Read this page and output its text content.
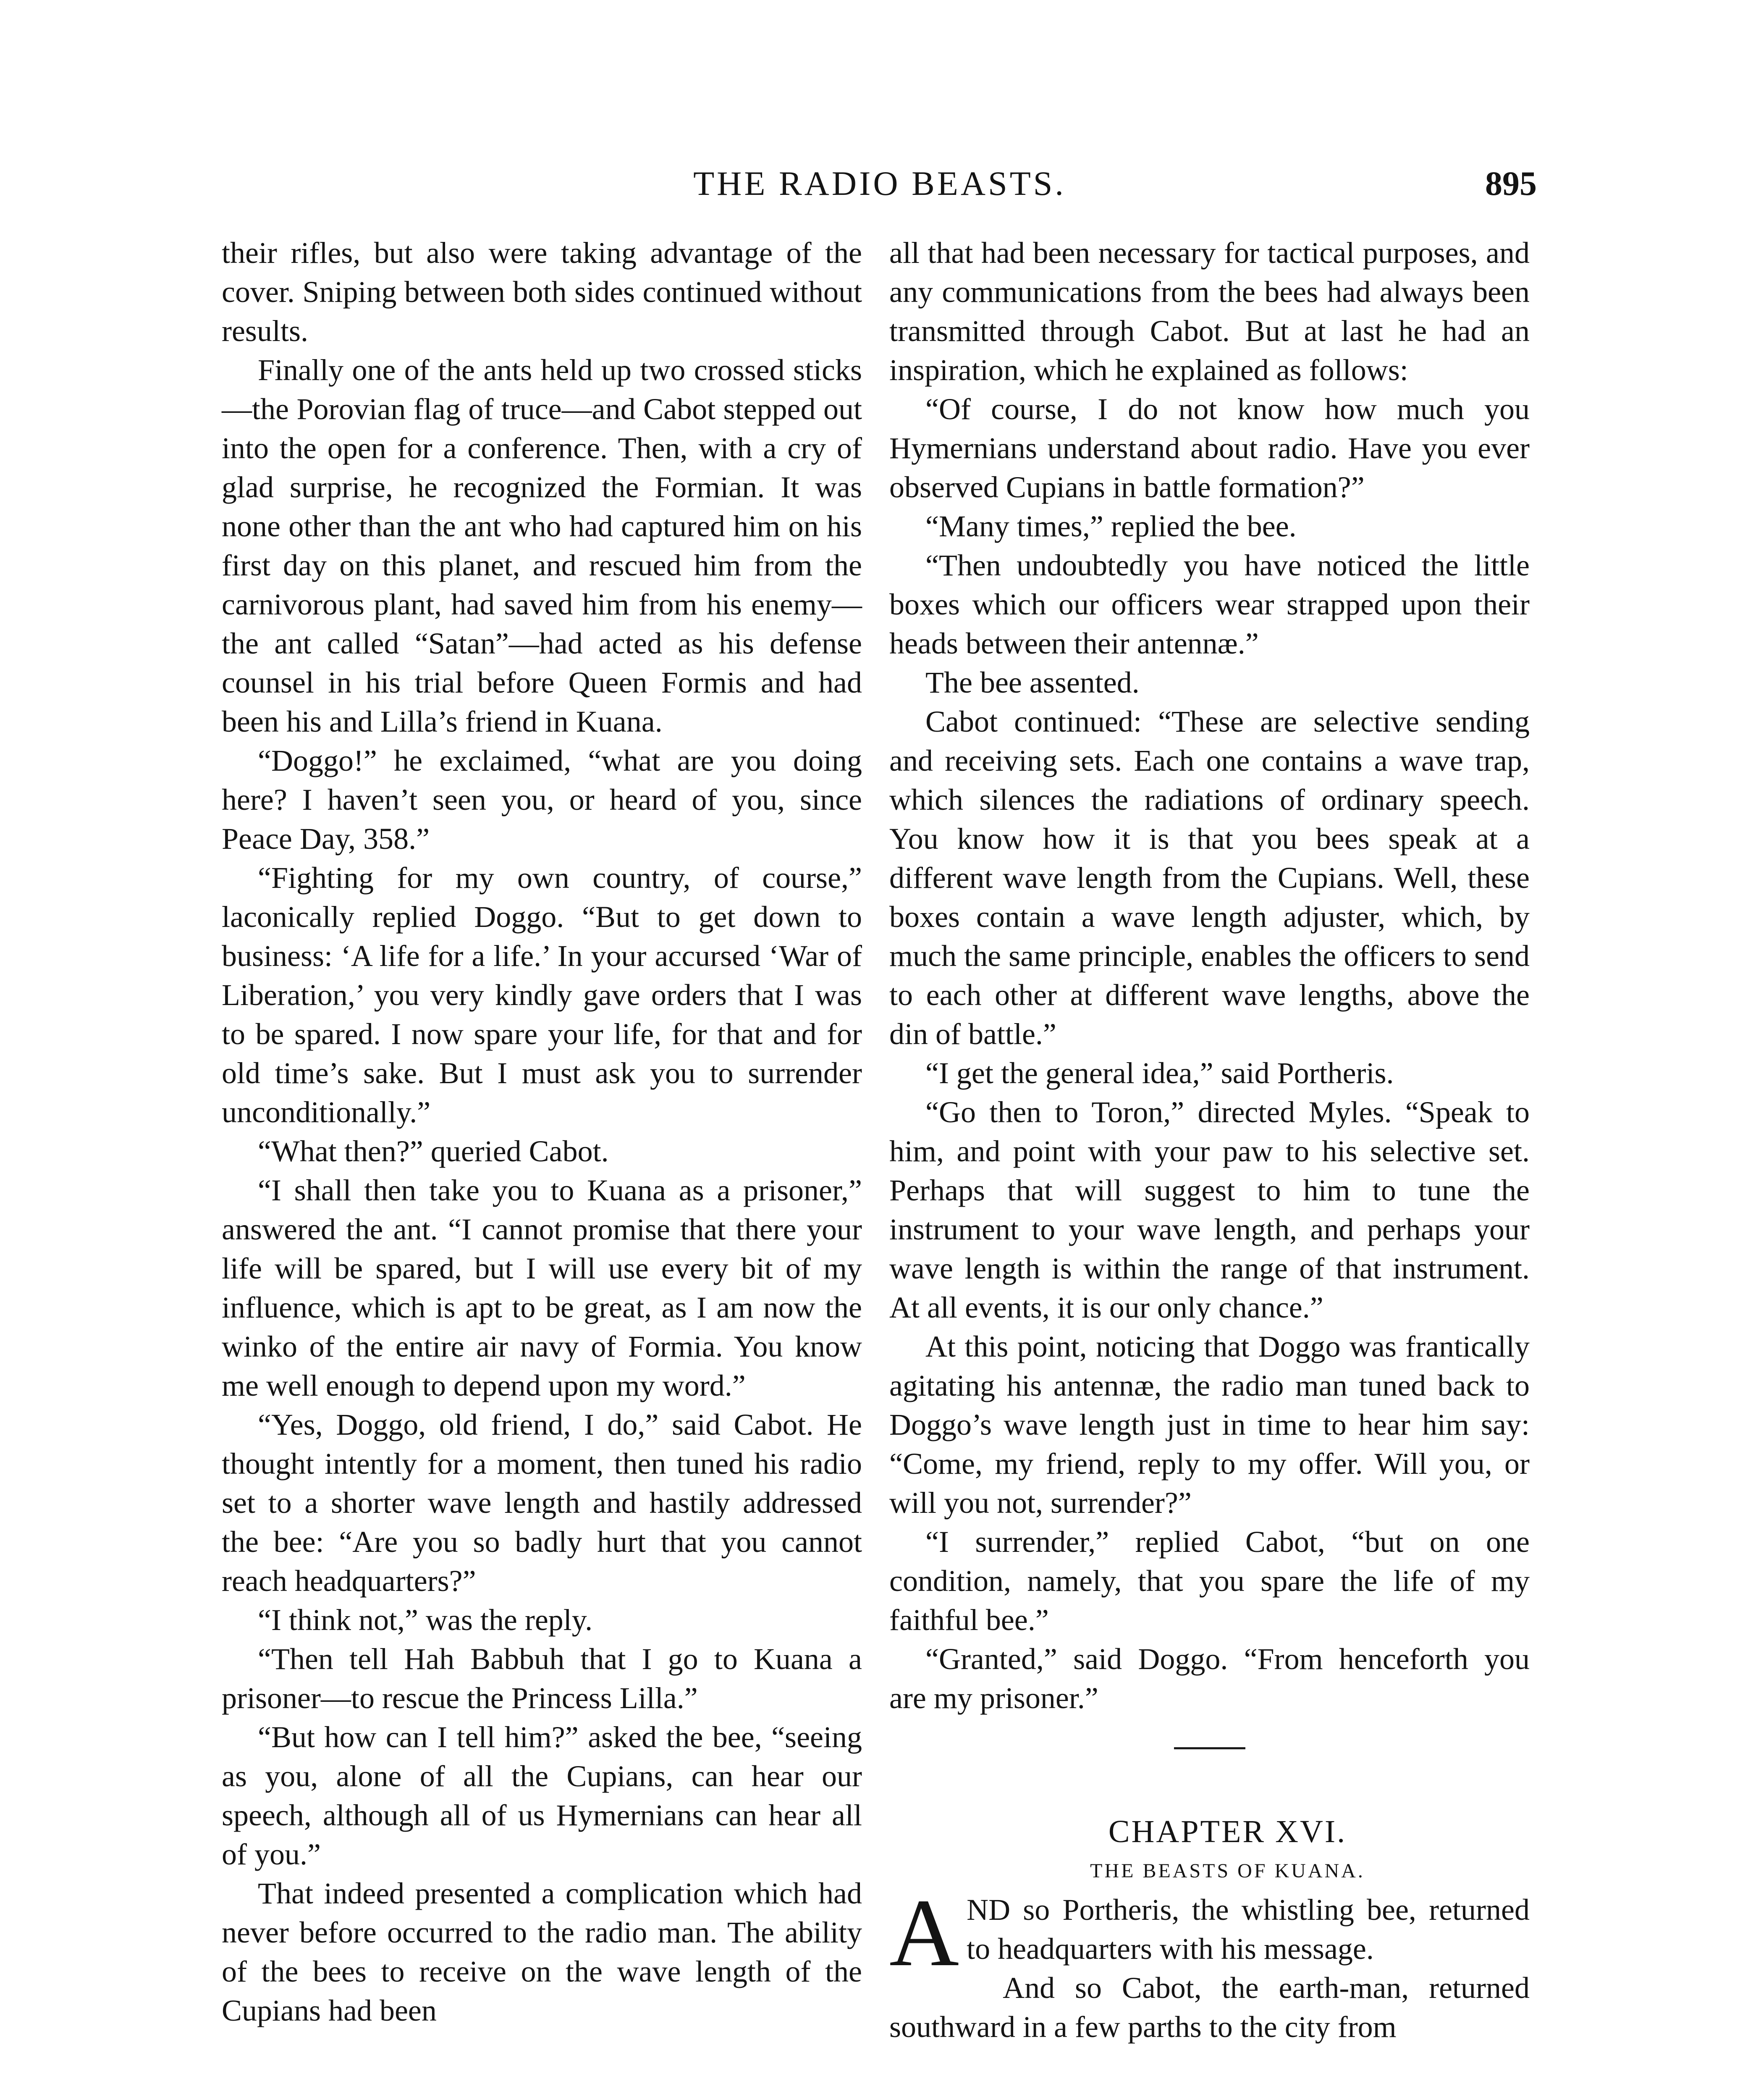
THE RADIO BEASTS.	895

their rifles, but also were taking advantage of the cover. Sniping between both sides continued without results.

Finally one of the ants held up two crossed sticks—the Porovian flag of truce—and Cabot stepped out into the open for a conference. Then, with a cry of glad surprise, he recognized the Formian. It was none other than the ant who had captured him on his first day on this planet, and rescued him from the carnivorous plant, had saved him from his enemy—the ant called “Satan”—had acted as his defense counsel in his trial before Queen Formis and had been his and Lilla’s friend in Kuana.

“Doggo!” he exclaimed, “what are you doing here? I haven’t seen you, or heard of you, since Peace Day, 358.”

“Fighting for my own country, of course,” laconically replied Doggo. “But to get down to business: ‘A life for a life.’ In your accursed ‘War of Liberation,’ you very kindly gave orders that I was to be spared. I now spare your life, for that and for old time’s sake. But I must ask you to surrender unconditionally.”

“What then?” queried Cabot.

“I shall then take you to Kuana as a prisoner,” answered the ant. “I cannot promise that there your life will be spared, but I will use every bit of my influence, which is apt to be great, as I am now the winko of the entire air navy of Formia. You know me well enough to depend upon my word.”

“Yes, Doggo, old friend, I do,” said Cabot. He thought intently for a moment, then tuned his radio set to a shorter wave length and hastily addressed the bee: “Are you so badly hurt that you cannot reach headquarters?”

“I think not,” was the reply.

“Then tell Hah Babbuh that I go to Kuana a prisoner—to rescue the Princess Lilla.”

“But how can I tell him?” asked the bee, “seeing as you, alone of all the Cupians, can hear our speech, although all of us Hymernians can hear all of you.”

That indeed presented a complication which had never before occurred to the radio man. The ability of the bees to receive on the wave length of the Cupians had been

all that had been necessary for tactical purposes, and any communications from the bees had always been transmitted through Cabot. But at last he had an inspiration, which he explained as follows:

“Of course, I do not know how much you Hymernians understand about radio. Have you ever observed Cupians in battle formation?”

“Many times,” replied the bee.

“Then undoubtedly you have noticed the little boxes which our officers wear strapped upon their heads between their antennæ.”

The bee assented.

Cabot continued: “These are selective sending and receiving sets. Each one contains a wave trap, which silences the radiations of ordinary speech. You know how it is that you bees speak at a different wave length from the Cupians. Well, these boxes contain a wave length adjuster, which, by much the same principle, enables the officers to send to each other at different wave lengths, above the din of battle.”

“I get the general idea,” said Portheris.

“Go then to Toron,” directed Myles. “Speak to him, and point with your paw to his selective set. Perhaps that will suggest to him to tune the instrument to your wave length, and perhaps your wave length is within the range of that instrument. At all events, it is our only chance.”

At this point, noticing that Doggo was frantically agitating his antennæ, the radio man tuned back to Doggo’s wave length just in time to hear him say: “Come, my friend, reply to my offer. Will you, or will you not, surrender?”

“I surrender,” replied Cabot, “but on one condition, namely, that you spare the life of my faithful bee.”

“Granted,” said Doggo. “From henceforth you are my prisoner.”

CHAPTER XVI.

THE BEASTS OF KUANA.

AND so Portheris, the whistling bee, returned to headquarters with his message.

And so Cabot, the earth-man, returned southward in a few parths to the city from
